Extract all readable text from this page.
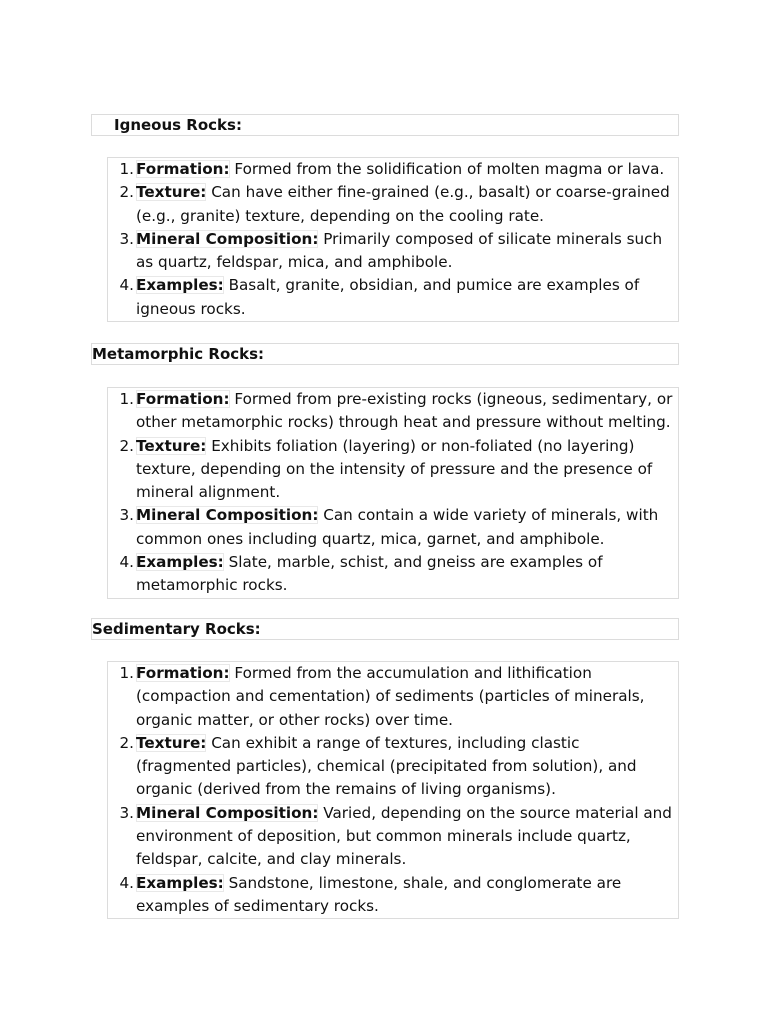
Igneous Rocks:
1. Formation: Formed from the solidification of molten magma or lava.
2. Texture: Can have either fine-grained (e.g., basalt) or coarse-grained (e.g., granite) texture, depending on the cooling rate.
3. Mineral Composition: Primarily composed of silicate minerals such as quartz, feldspar, mica, and amphibole.
4. Examples: Basalt, granite, obsidian, and pumice are examples of igneous rocks.
Metamorphic Rocks:
1. Formation: Formed from pre-existing rocks (igneous, sedimentary, or other metamorphic rocks) through heat and pressure without melting.
2. Texture: Exhibits foliation (layering) or non-foliated (no layering) texture, depending on the intensity of pressure and the presence of mineral alignment.
3. Mineral Composition: Can contain a wide variety of minerals, with common ones including quartz, mica, garnet, and amphibole.
4. Examples: Slate, marble, schist, and gneiss are examples of metamorphic rocks.
Sedimentary Rocks:
1. Formation: Formed from the accumulation and lithification (compaction and cementation) of sediments (particles of minerals, organic matter, or other rocks) over time.
2. Texture: Can exhibit a range of textures, including clastic (fragmented particles), chemical (precipitated from solution), and organic (derived from the remains of living organisms).
3. Mineral Composition: Varied, depending on the source material and environment of deposition, but common minerals include quartz, feldspar, calcite, and clay minerals.
4. Examples: Sandstone, limestone, shale, and conglomerate are examples of sedimentary rocks.
